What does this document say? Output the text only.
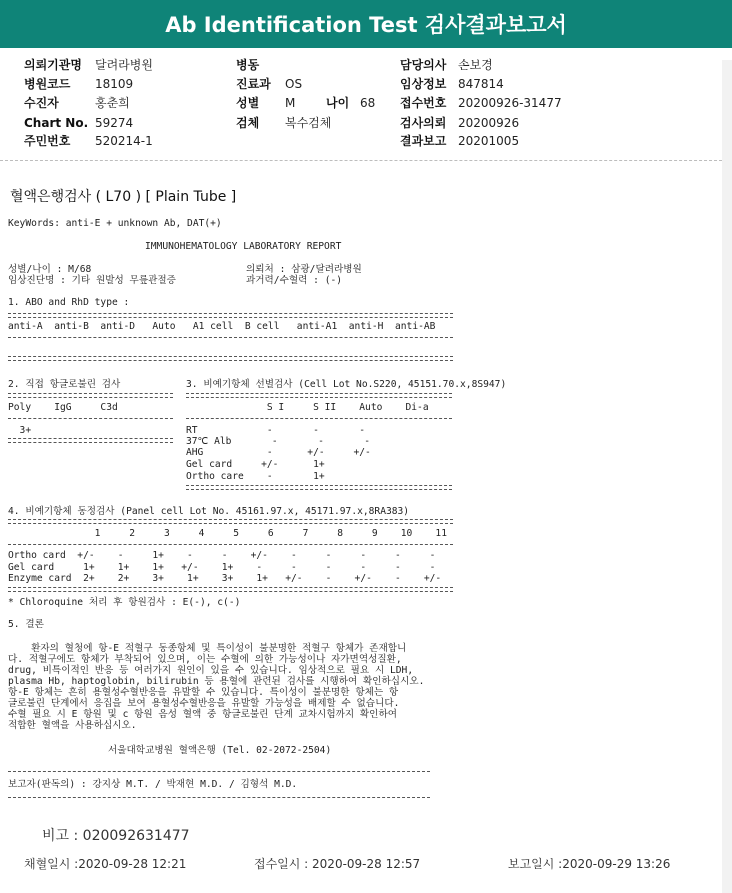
Ab Identification Test 검사결과보고서
의뢰기관명 달려라병원	병동	담당의사 손보경
병원코드 18109	진료과 OS	임상정보 847814
수진자	홍춘희	성별 M	나이 68 접수번호 20200926-31477
Chart No. 59274	검체 복수검체	검사의뢰 20200926
주민번호 520214-1	결과보고 20201005
혈액은행검사 ( L70 ) [ Plain Tube ]
KeyWords: anti-E + unknown Ab, DAT(+)
IMMUNOHEMATOLOGY LABORATORY REPORT
성별/나이 : M/68	의뢰처 : 삼광/달려라병원
임상진단명 : 기타 원발성 무릎관절증	과거력/수혈력 : (-)
1. ABO and RhD type :
anti-A  anti-B  anti-D   Auto   A1 cell  B cell   anti-A1  anti-H  anti-AB
2. 직접 항글로불린 검사
Poly    IgG     C3d
3+
3. 비예기항체 선별검사 (Cell Lot No.S220, 45151.70.x,8S947)
S I     S II    Auto    Di-a
RT            -       -       -
37℃ Alb       -       -       -
AHG           -      +/-     +/-
Gel card     +/-      1+
Ortho care    -       1+
4. 비예기항체 동정검사 (Panel cell Lot No. 45161.97.x, 45171.97.x,8RA383)
1     2     3     4     5     6     7     8     9    10    11
Ortho card  +/-    -     1+    -     -    +/-    -     -     -     -     -
Gel card     1+    1+    1+   +/-    1+    -     -     -     -     -     -
Enzyme card  2+    2+    3+    1+    3+    1+   +/-    -    +/-    -    +/-
* Chloroquine 처리 후 항원검사 : E(-), c(-)
5. 결론
환자의 혈청에 항-E 적혈구 동종항체 및 특이성이 불분명한 적혈구 항체가 존재합니
다. 적혈구에도 항체가 부착되어 있으며, 이는 수혈에 의한 가능성이나 자가면역성질환,
drug, 비특이적인 반응 등 여러가지 원인이 있을 수 있습니다. 임상적으로 필요 시 LDH,
plasma Hb, haptoglobin, bilirubin 등 용혈에 관련된 검사를 시행하여 확인하십시오.
항-E 항체는 흔히 용혈성수혈반응을 유발할 수 있습니다. 특이성이 불분명한 항체는 항
글로불린 단계에서 응집을 보여 용혈성수혈반응을 유발할 가능성을 배제할 수 없습니다.
수혈 필요 시 E 항원 및 c 항원 음성 혈액 중 항글로불린 단계 교차시험까지 확인하여
적합한 혈액을 사용하십시오.
서울대학교병원 혈액은행 (Tel. 02-2072-2504)
보고자(판독의) : 강지상 M.T. / 박재현 M.D. / 김형석 M.D.
비고 : 020092631477
채혈일시 :2020-09-28 12:21	접수일시 : 2020-09-28 12:57	보고일시 :2020-09-29 13:26
